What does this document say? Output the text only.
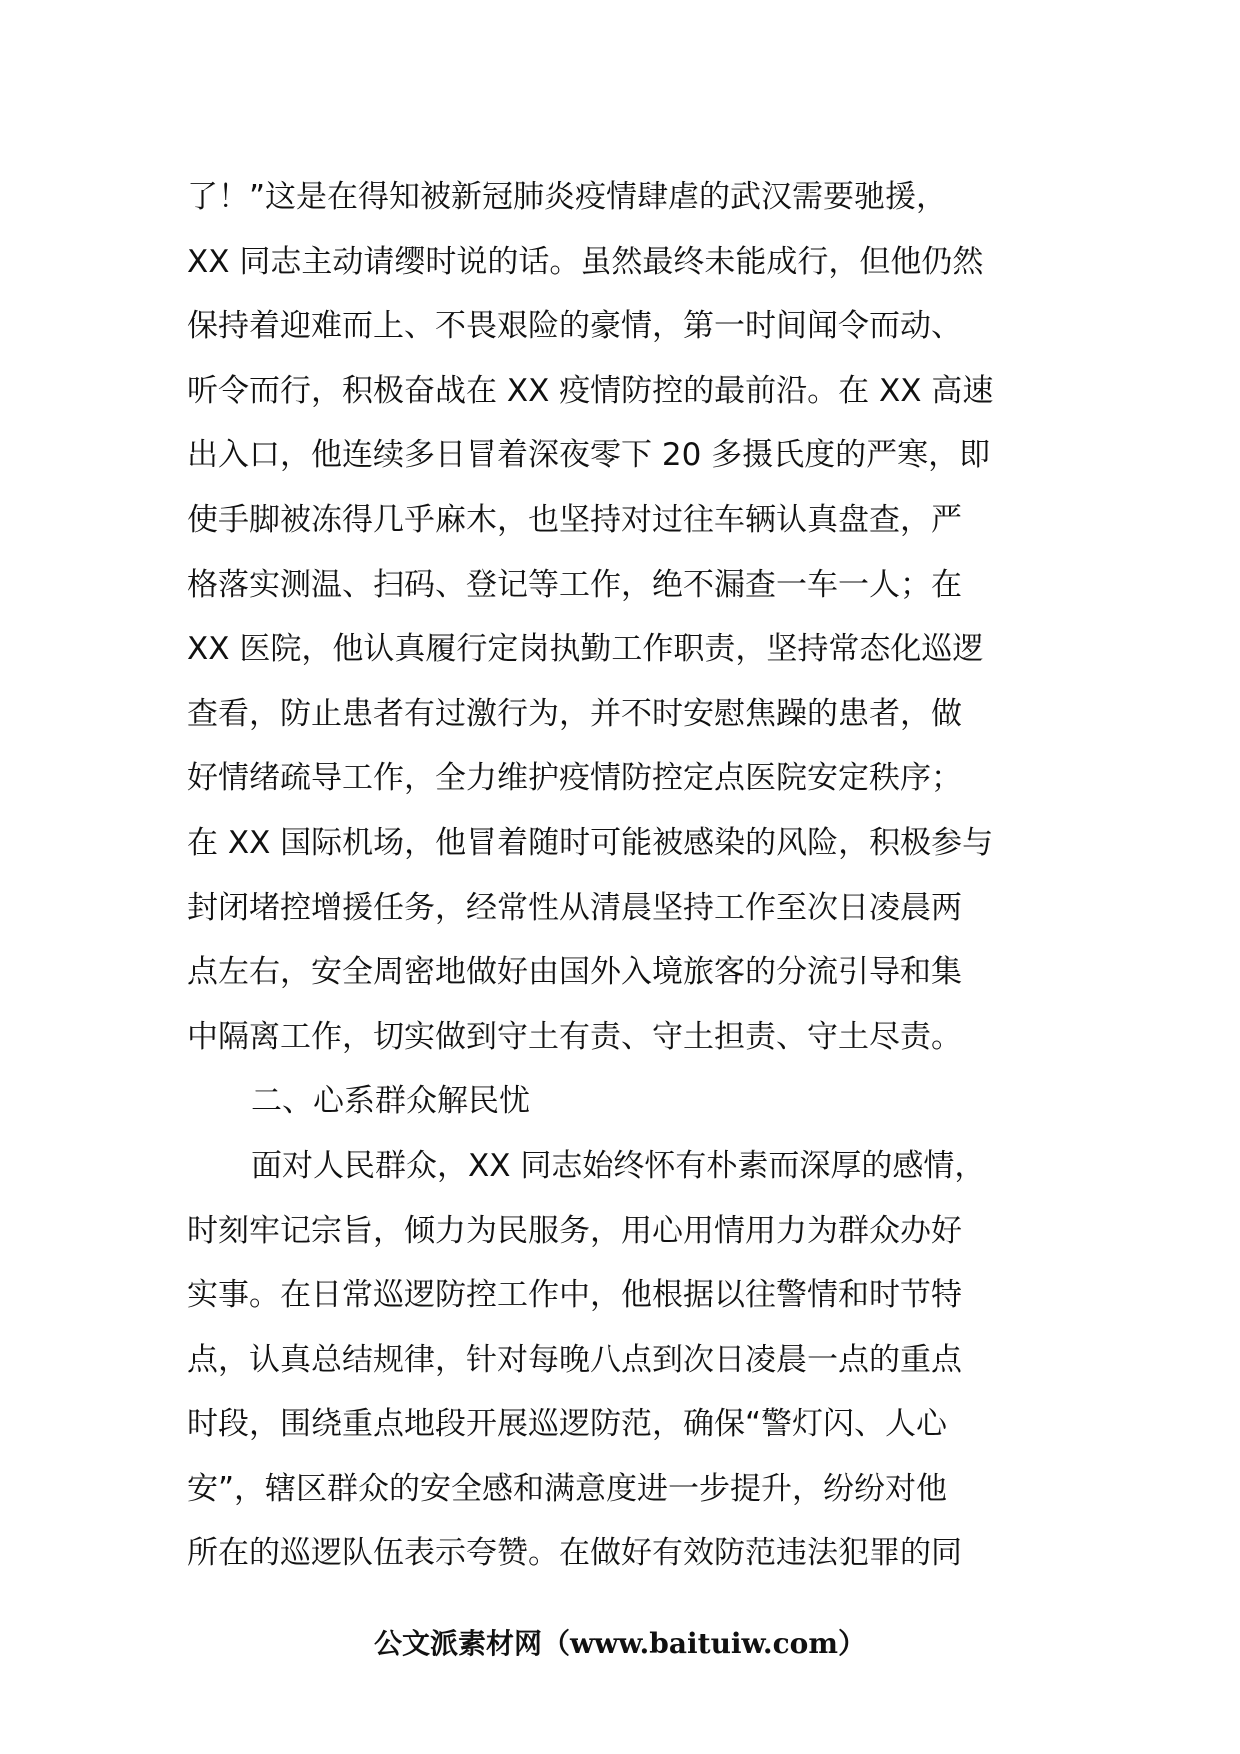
了！”这是在得知被新冠肺炎疫情肆虐的武汉需要驰援，
XX 同志主动请缨时说的话。虽然最终未能成行，但他仍然
保持着迎难而上、不畏艰险的豪情，第一时间闻令而动、
听令而行，积极奋战在 XX 疫情防控的最前沿。在 XX 高速
出入口，他连续多日冒着深夜零下 20 多摄氏度的严寒，即
使手脚被冻得几乎麻木，也坚持对过往车辆认真盘查，严
格落实测温、扫码、登记等工作，绝不漏查一车一人；在
XX 医院，他认真履行定岗执勤工作职责，坚持常态化巡逻
查看，防止患者有过激行为，并不时安慰焦躁的患者，做
好情绪疏导工作，全力维护疫情防控定点医院安定秩序；
在 XX 国际机场，他冒着随时可能被感染的风险，积极参与
封闭堵控增援任务，经常性从清晨坚持工作至次日凌晨两
点左右，安全周密地做好由国外入境旅客的分流引导和集
中隔离工作，切实做到守土有责、守土担责、守土尽责。
二、心系群众解民忧
面对人民群众，XX 同志始终怀有朴素而深厚的感情，
时刻牢记宗旨，倾力为民服务，用心用情用力为群众办好
实事。在日常巡逻防控工作中，他根据以往警情和时节特
点，认真总结规律，针对每晚八点到次日凌晨一点的重点
时段，围绕重点地段开展巡逻防范，确保“警灯闪、人心
安”，辖区群众的安全感和满意度进一步提升，纷纷对他
所在的巡逻队伍表示夸赞。在做好有效防范违法犯罪的同
公文派素材网（www.baituiw.com）
